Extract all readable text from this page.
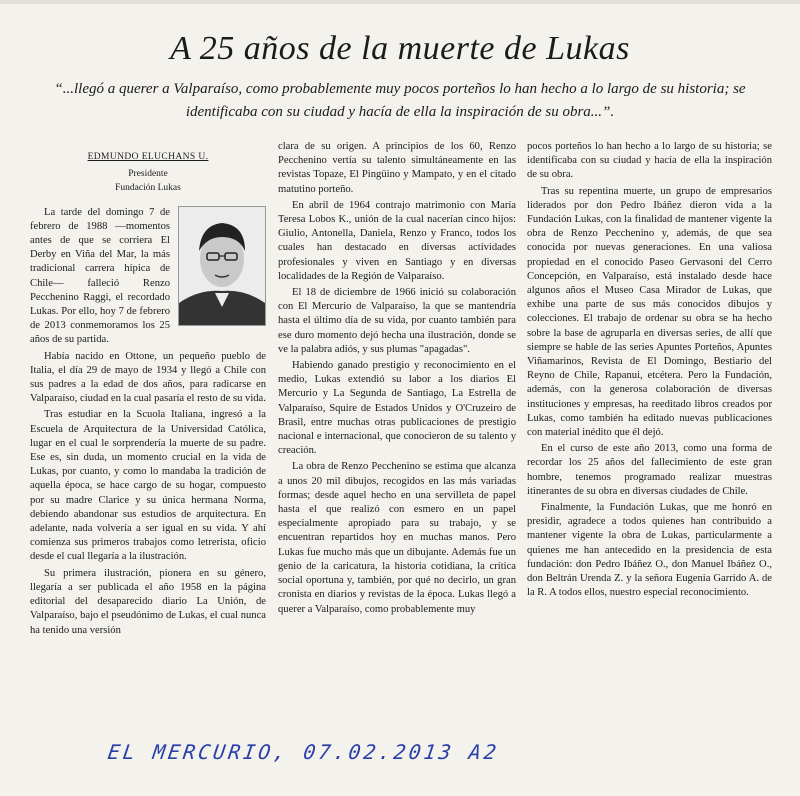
A 25 años de la muerte de Lukas
“...llegó a querer a Valparaíso, como probablemente muy pocos porteños lo han hecho a lo largo de su historia; se identificaba con su ciudad y hacía de ella la inspiración de su obra...”.
EDMUNDO ELUCHANS U.
Presidente
Fundación Lukas

La tarde del domingo 7 de febrero de 1988 —momentos antes de que se corriera El Derby en Viña del Mar, la más tradicional carrera hípica de Chile— falleció Renzo Pecchenino Raggi, el recordado Lukas. Por ello, hoy 7 de febrero de 2013 conmemoramos los 25 años de su partida.

Había nacido en Ottone, un pequeño pueblo de Italia, el día 29 de mayo de 1934 y llegó a Chile con sus padres a la edad de dos años, para radicarse en Valparaíso, ciudad en la cual pasaría el resto de su vida.

Tras estudiar en la Scuola Italiana, ingresó a la Escuela de Arquitectura de la Universidad Católica, lugar en el cual le sorprendería la muerte de su padre. Ese es, sin duda, un momento crucial en la vida de Lukas, por cuanto, y como lo mandaba la tradición de aquella época, se hace cargo de su hogar, compuesto por su madre Clarice y su única hermana Norma, debiendo abandonar sus estudios de arquitectura. En adelante, nada volvería a ser igual en su vida. Y ahí comienza sus primeros trabajos como letrerista, oficio desde el cual llegaría a la ilustración.

Su primera ilustración, pionera en su género, llegaría a ser publicada el año 1958 en la página editorial del desaparecido diario La Unión, de Valparaíso, bajo el pseudónimo de Lukas, el cual nunca ha tenido una versión

clara de su origen. A principios de los 60, Renzo Pecchenino vertía su talento simultáneamente en las revistas Topaze, El Pingüino y Mampato, y en el citado matutino porteño.

En abril de 1964 contrajo matrimonio con María Teresa Lobos K., unión de la cual nacerían cinco hijos: Giulio, Antonella, Daniela, Renzo y Franco, todos los cuales han destacado en diversas actividades profesionales y viven en Santiago y en diversas localidades de la Región de Valparaíso.

El 18 de diciembre de 1966 inició su colaboración con El Mercurio de Valparaíso, la que se mantendría hasta el último día de su vida, por cuanto también para ese duro momento dejó hecha una ilustración, donde se ve la palabra adiós, y sus plumas "apagadas".

Habiendo ganado prestigio y reconocimiento en el medio, Lukas extendió su labor a los diarios El Mercurio y La Segunda de Santiago, La Estrella de Valparaíso, Squire de Estados Unidos y O'Cruzeiro de Brasil, entre muchas otras publicaciones de prestigio nacional e internacional, que conocieron de su talento y creación.

La obra de Renzo Pecchenino se estima que alcanza a unos 20 mil dibujos, recogidos en las más variadas formas; desde aquel hecho en una servilleta de papel hasta el que realizó con esmero en un papel especialmente apropiado para su trabajo, y se encuentran repartidos hoy en muchas manos. Pero Lukas fue mucho más que un dibujante. Además fue un genio de la caricatura, la historia cotidiana, la crítica social oportuna y, también, por qué no decirlo, un gran cronista en diarios y revistas de la época. Lukas llegó a querer a Valparaíso, como probablemente muy

pocos porteños lo han hecho a lo largo de su historia; se identificaba con su ciudad y hacía de ella la inspiración de su obra.

Tras su repentina muerte, un grupo de empresarios liderados por don Pedro Ibáñez dieron vida a la Fundación Lukas, con la finalidad de mantener vigente la obra de Renzo Pecchenino y, además, de que sea conocida por nuevas generaciones. En una valiosa propiedad en el conocido Paseo Gervasoni del Cerro Concepción, en Valparaíso, está instalado desde hace algunos años el Museo Casa Mirador de Lukas, que exhibe una parte de sus más conocidos dibujos y colecciones. El trabajo de ordenar su obra se ha hecho sobre la base de agruparla en diversas series, de allí que siempre se hable de las series Apuntes Porteños, Apuntes Viñamarinos, Revista de El Domingo, Bestiario del Reyno de Chile, Rapanui, etcétera. Pero la Fundación, además, con la generosa colaboración de diversas instituciones y empresas, ha reeditado libros creados por Lukas, como también ha editado nuevas publicaciones con material inédito que él dejó.

En el curso de este año 2013, como una forma de recordar los 25 años del fallecimiento de este gran hombre, tenemos programado realizar muestras itinerantes de su obra en diversas ciudades de Chile.

Finalmente, la Fundación Lukas, que me honró en presidir, agradece a todos quienes han contribuido a mantener vigente la obra de Lukas, particularmente a quienes me han antecedido en la presidencia de esta fundación: don Pedro Ibáñez O., don Manuel Ibáñez O., don Beltrán Urenda Z. y la señora Eugenia Garrido A. de la R. A todos ellos, nuestro especial reconocimiento.

EL MERCURIO, 07.02.2013 A2
